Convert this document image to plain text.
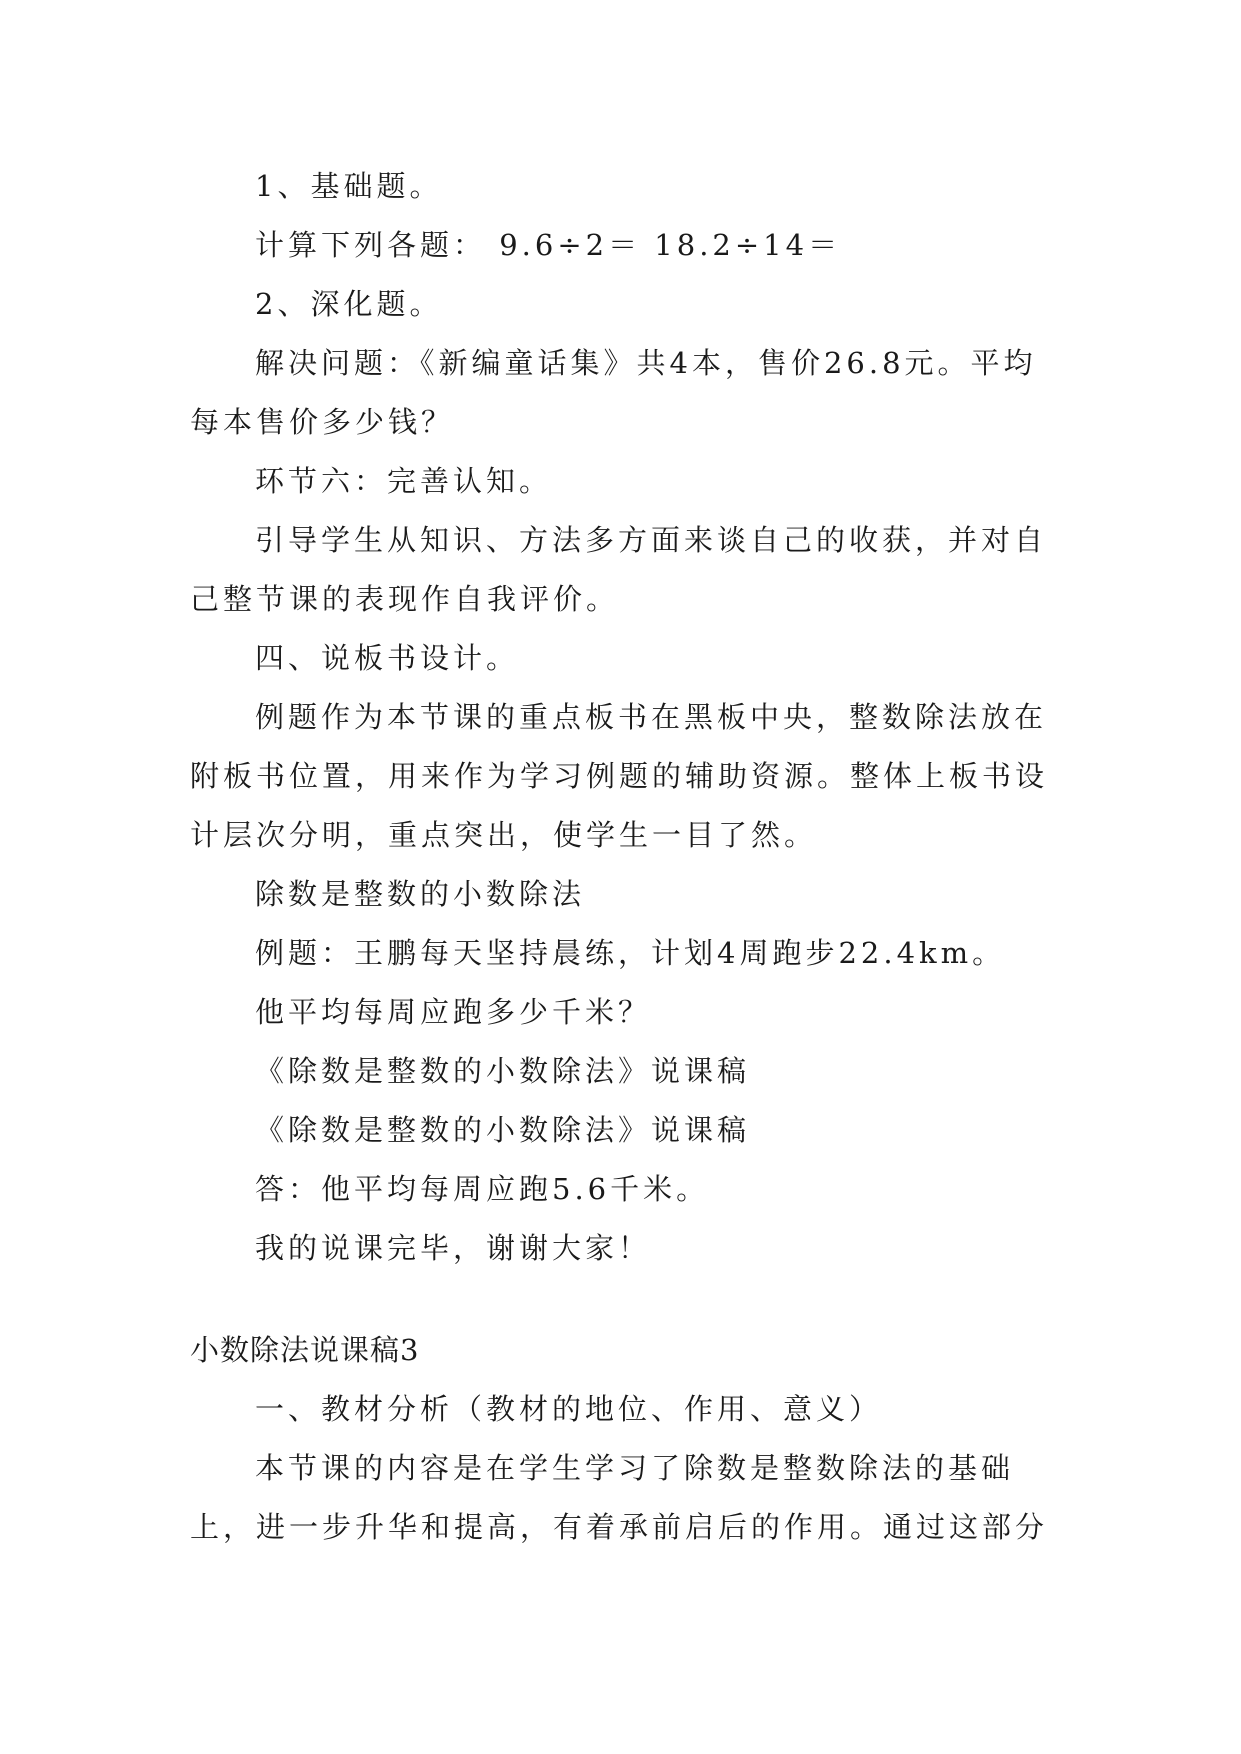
1、基础题。
计算下列各题： 9.6÷2＝ 18.2÷14＝
2、深化题。
解决问题：《新编童话集》共4本，售价26.8元。平均
每本售价多少钱？
环节六：完善认知。
引导学生从知识、方法多方面来谈自己的收获，并对自
己整节课的表现作自我评价。
四、说板书设计。
例题作为本节课的重点板书在黑板中央，整数除法放在
附板书位置，用来作为学习例题的辅助资源。整体上板书设
计层次分明，重点突出，使学生一目了然。
除数是整数的小数除法
例题：王鹏每天坚持晨练，计划4周跑步22.4km。
他平均每周应跑多少千米？
《除数是整数的小数除法》说课稿
《除数是整数的小数除法》说课稿
答：他平均每周应跑5.6千米。
我的说课完毕，谢谢大家！
小数除法说课稿3
一、教材分析（教材的地位、作用、意义）
本节课的内容是在学生学习了除数是整数除法的基础
上，进一步升华和提高，有着承前启后的作用。通过这部分
